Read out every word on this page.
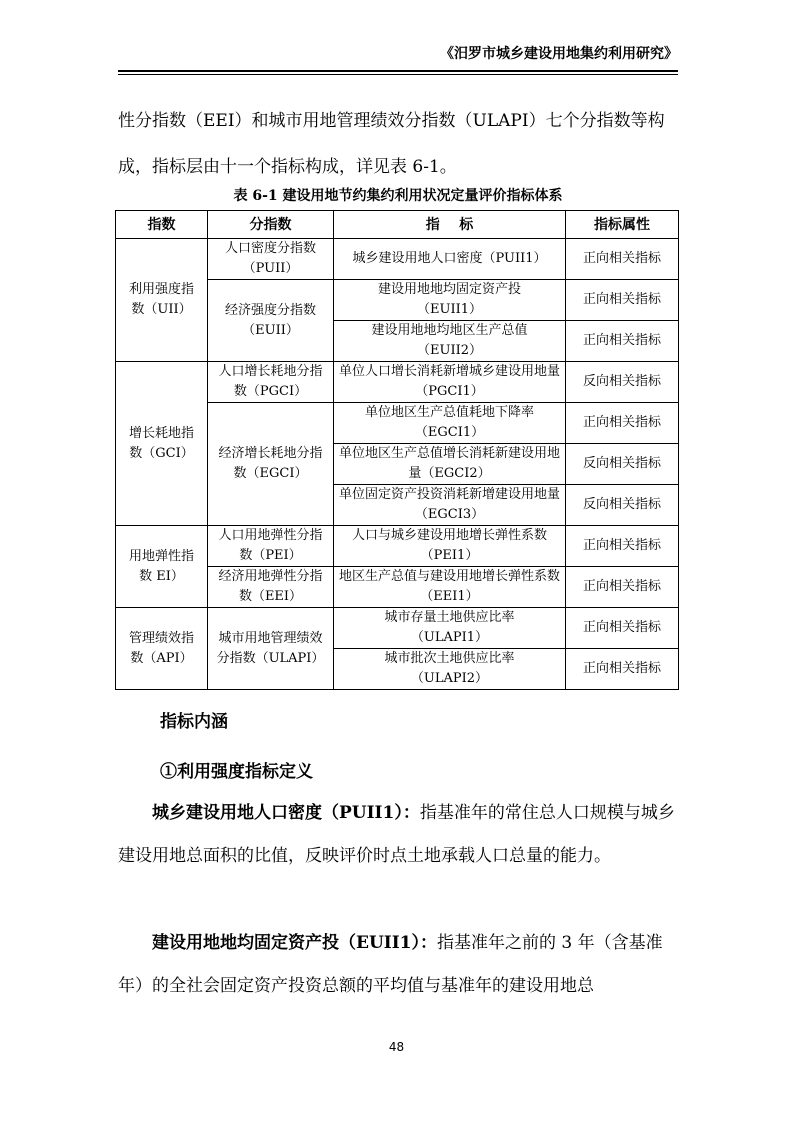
《汨罗市城乡建设用地集约利用研究》

性分指数（EEI）和城市用地管理绩效分指数（ULAPI）七个分指数等构成，指标层由十一个指标构成，详见表 6-1。

表 6-1 建设用地节约集约利用状况定量评价指标体系
指数	分指数	指    标	指标属性
利用强度指数（UII）	人口密度分指数（PUII）	城乡建设用地人口密度（PUII1）	正向相关指标
	经济强度分指数（EUII）	建设用地地均固定资产投（EUII1）	正向相关指标
		建设用地地均地区生产总值（EUII2）	正向相关指标
增长耗地指数（GCI）	人口增长耗地分指数（PGCI）	单位人口增长消耗新增城乡建设用地量（PGCI1）	反向相关指标
	经济增长耗地分指数（EGCI）	单位地区生产总值耗地下降率（EGCI1）	正向相关指标
		单位地区生产总值增长消耗新建设用地量（EGCI2）	反向相关指标
		单位固定资产投资消耗新增建设用地量（EGCI3）	反向相关指标
用地弹性指数 EI）	人口用地弹性分指数（PEI）	人口与城乡建设用地增长弹性系数（PEI1）	正向相关指标
	经济用地弹性分指数（EEI）	地区生产总值与建设用地增长弹性系数（EEI1）	正向相关指标
管理绩效指数（API）	城市用地管理绩效分指数（ULAPI）	城市存量土地供应比率（ULAPI1）	正向相关指标
		城市批次土地供应比率（ULAPI2）	正向相关指标
指标内涵
①利用强度指标定义

城乡建设用地人口密度（PUII1）：指基准年的常住总人口规模与城乡建设用地总面积的比值，反映评价时点土地承载人口总量的能力。

建设用地地均固定资产投（EUII1）：指基准年之前的 3 年（含基准年）的全社会固定资产投资总额的平均值与基准年的建设用地总

48
